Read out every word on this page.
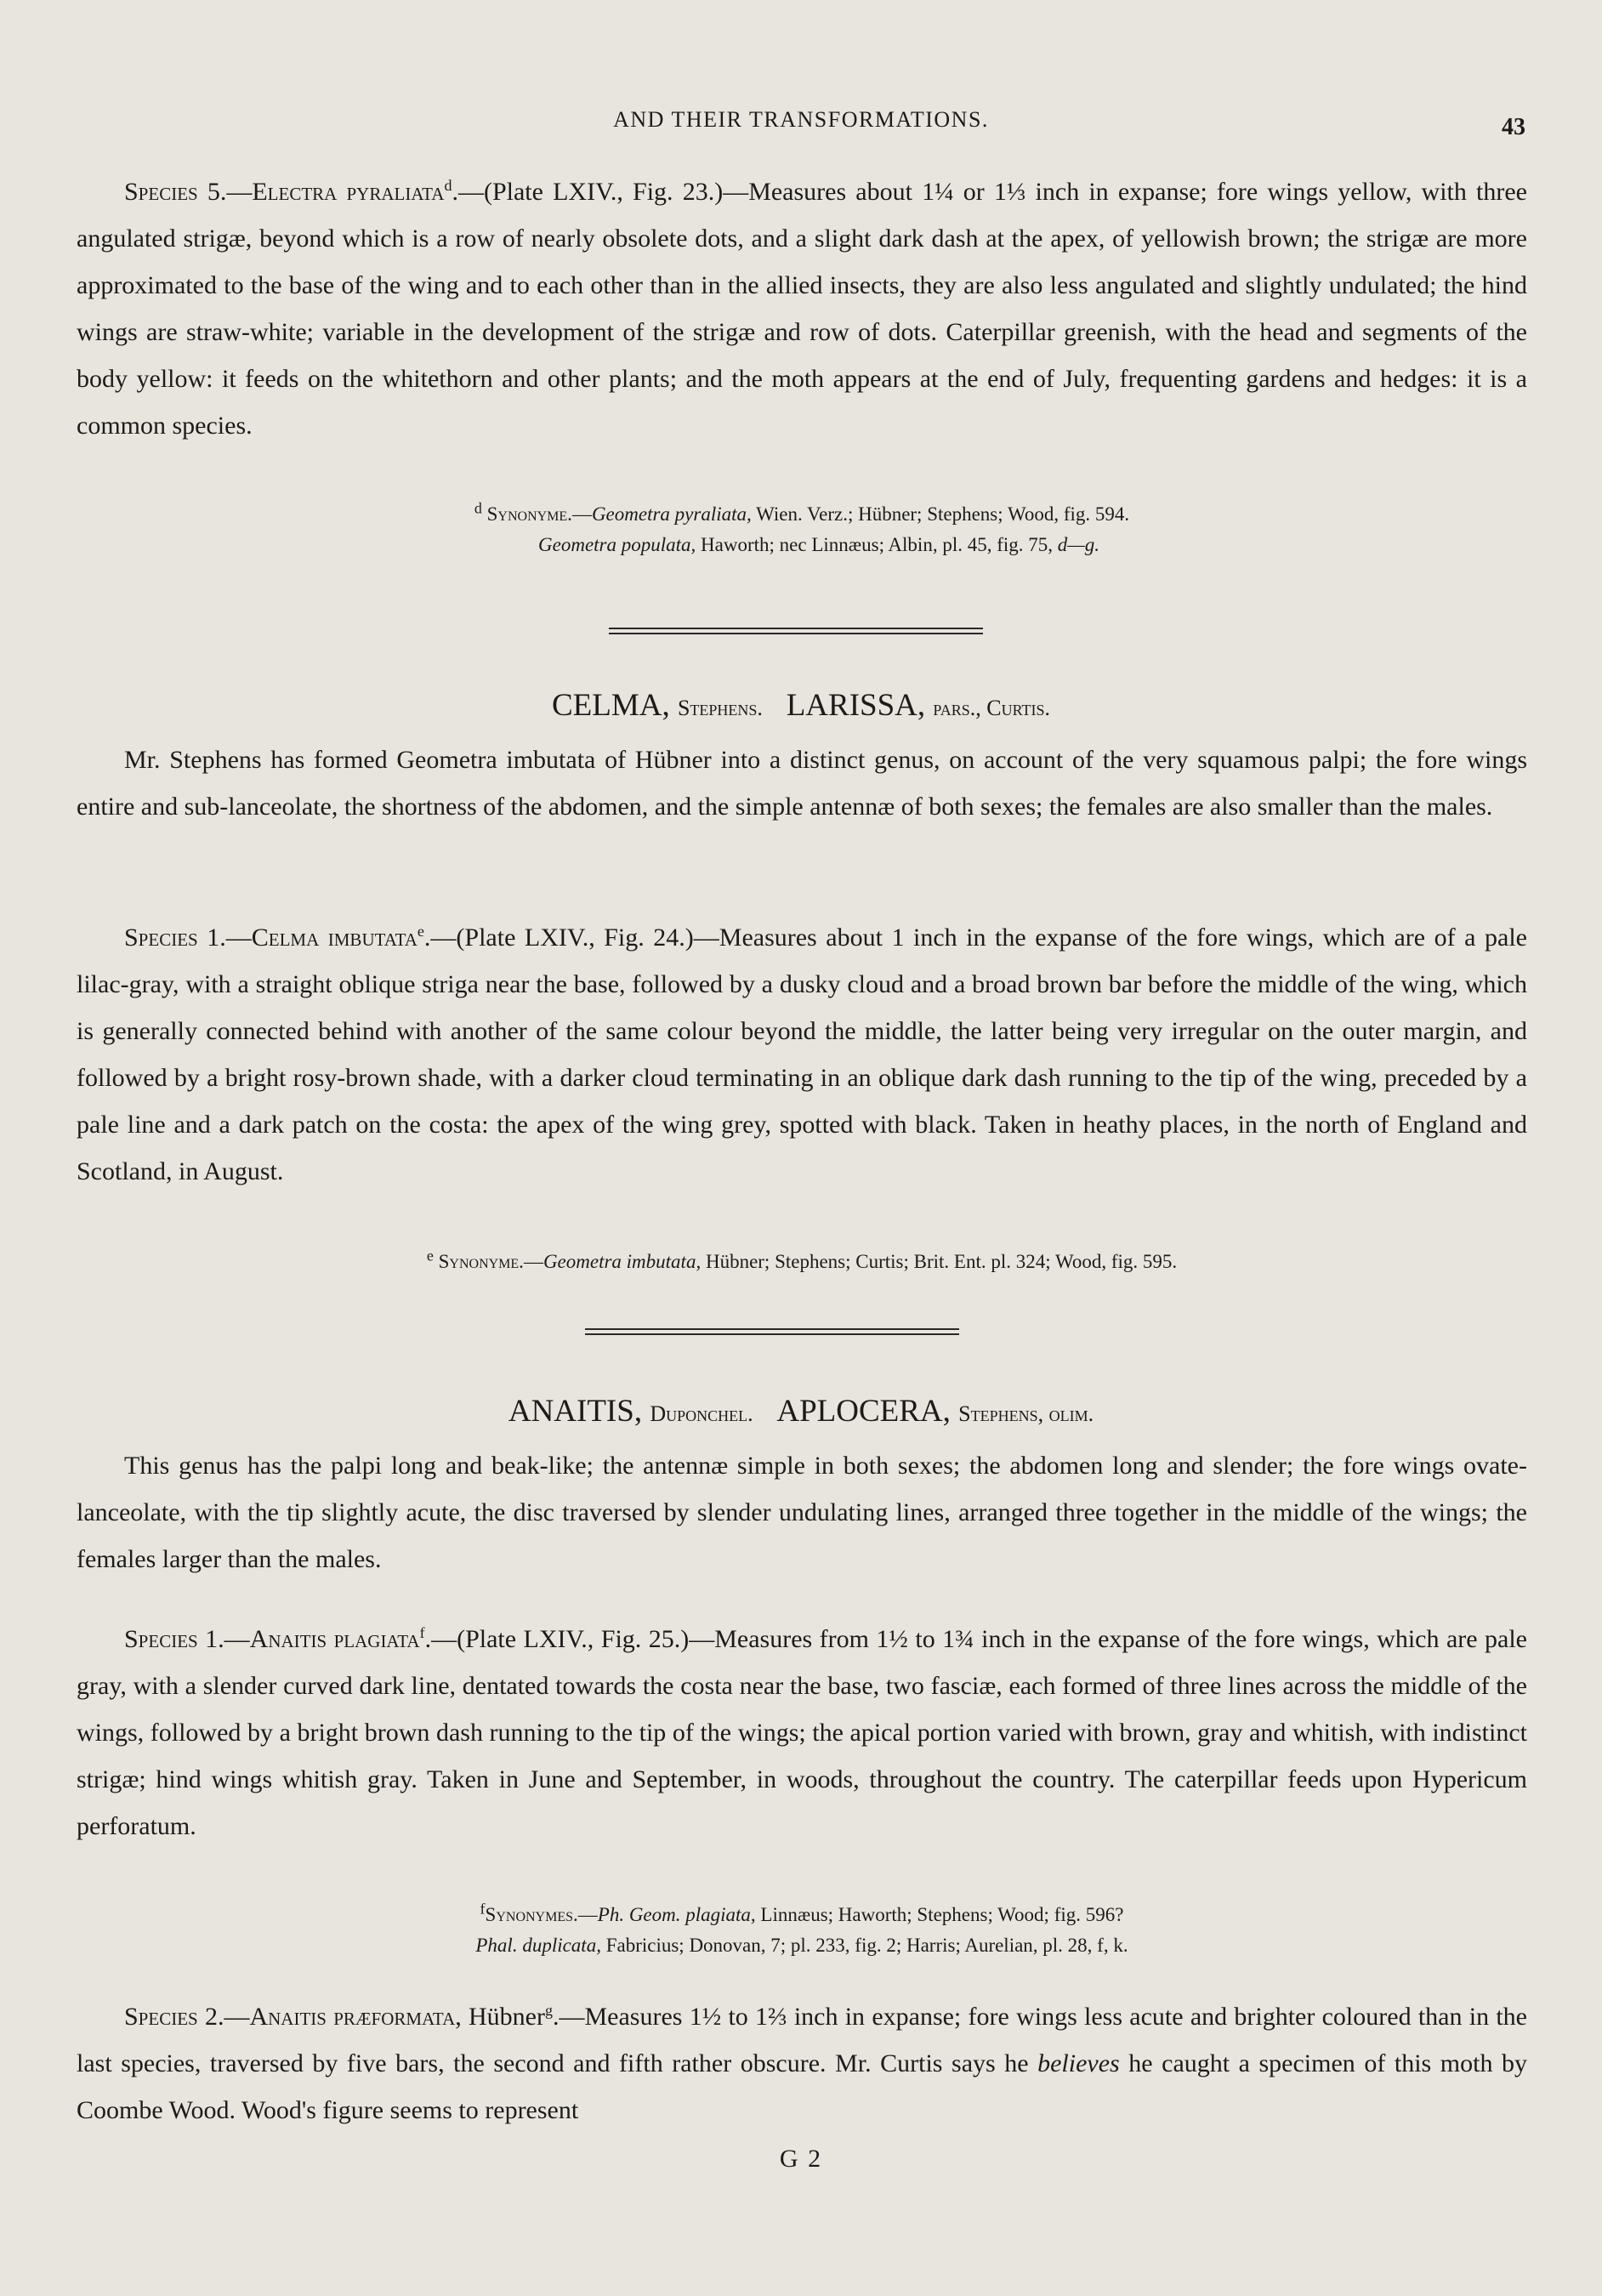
AND THEIR TRANSFORMATIONS.	43

Species 5.—Electra pyraliata$^d$.—(Plate LXIV., Fig. 23.)—Measures about 1¼ or 1⅓ inch in expanse; fore wings yellow, with three angulated strigæ, beyond which is a row of nearly obsolete dots, and a slight dark dash at the apex, of yellowish brown; the strigæ are more approximated to the base of the wing and to each other than in the allied insects, they are also less angulated and slightly undulated; the hind wings are straw-white; variable in the development of the strigæ and row of dots. Caterpillar greenish, with the head and segments of the body yellow: it feeds on the whitethorn and other plants; and the moth appears at the end of July, frequenting gardens and hedges: it is a common species.

$^d$ Synonyme.—Geometra pyraliata, Wien. Verz.; Hübner; Stephens; Wood, fig. 594.

Geometra populata, Haworth; nec Linnæus; Albin, pl. 45, fig. 75, d—g.

CELMA, Stephens. LARISSA, pars., Curtis.

Mr. Stephens has formed Geometra imbutata of Hübner into a distinct genus, on account of the very squamous palpi; the fore wings entire and sub-lanceolate, the shortness of the abdomen, and the simple antennæ of both sexes; the females are also smaller than the males.

Species 1.—Celma imbutata$^e$.—(Plate LXIV., Fig. 24.)—Measures about 1 inch in the expanse of the fore wings, which are of a pale lilac-gray, with a straight oblique striga near the base, followed by a dusky cloud and a broad brown bar before the middle of the wing, which is generally connected behind with another of the same colour beyond the middle, the latter being very irregular on the outer margin, and followed by a bright rosy-brown shade, with a darker cloud terminating in an oblique dark dash running to the tip of the wing, preceded by a pale line and a dark patch on the costa: the apex of the wing grey, spotted with black. Taken in heathy places, in the north of England and Scotland, in August.

$^e$ Synonyme.—Geometra imbutata, Hübner; Stephens; Curtis; Brit. Ent. pl. 324; Wood, fig. 595.

ANAITIS, Duponchel. APLOCERA, Stephens, olim.

This genus has the palpi long and beak-like; the antennæ simple in both sexes; the abdomen long and slender; the fore wings ovate-lanceolate, with the tip slightly acute, the disc traversed by slender undulating lines, arranged three together in the middle of the wings; the females larger than the males.

Species 1.—Anaitis plagiata$^f$.—(Plate LXIV., Fig. 25.)—Measures from 1½ to 1¾ inch in the expanse of the fore wings, which are pale gray, with a slender curved dark line, dentated towards the costa near the base, two fasciæ, each formed of three lines across the middle of the wings, followed by a bright brown dash running to the tip of the wings; the apical portion varied with brown, gray and whitish, with indistinct strigæ; hind wings whitish gray. Taken in June and September, in woods, throughout the country. The caterpillar feeds upon Hypericum perforatum.

$^f$Synonymes.—Ph. Geom. plagiata, Linnæus; Haworth; Stephens; Wood; fig. 596?

Phal. duplicata, Fabricius; Donovan, 7; pl. 233, fig. 2; Harris; Aurelian, pl. 28, f, k.

Species 2.—Anaitis præformata, Hübner$^g$.—Measures 1½ to 1⅔ inch in expanse; fore wings less acute and brighter coloured than in the last species, traversed by five bars, the second and fifth rather obscure. Mr. Curtis says he believes he caught a specimen of this moth by Coombe Wood. Wood's figure seems to represent

G 2
